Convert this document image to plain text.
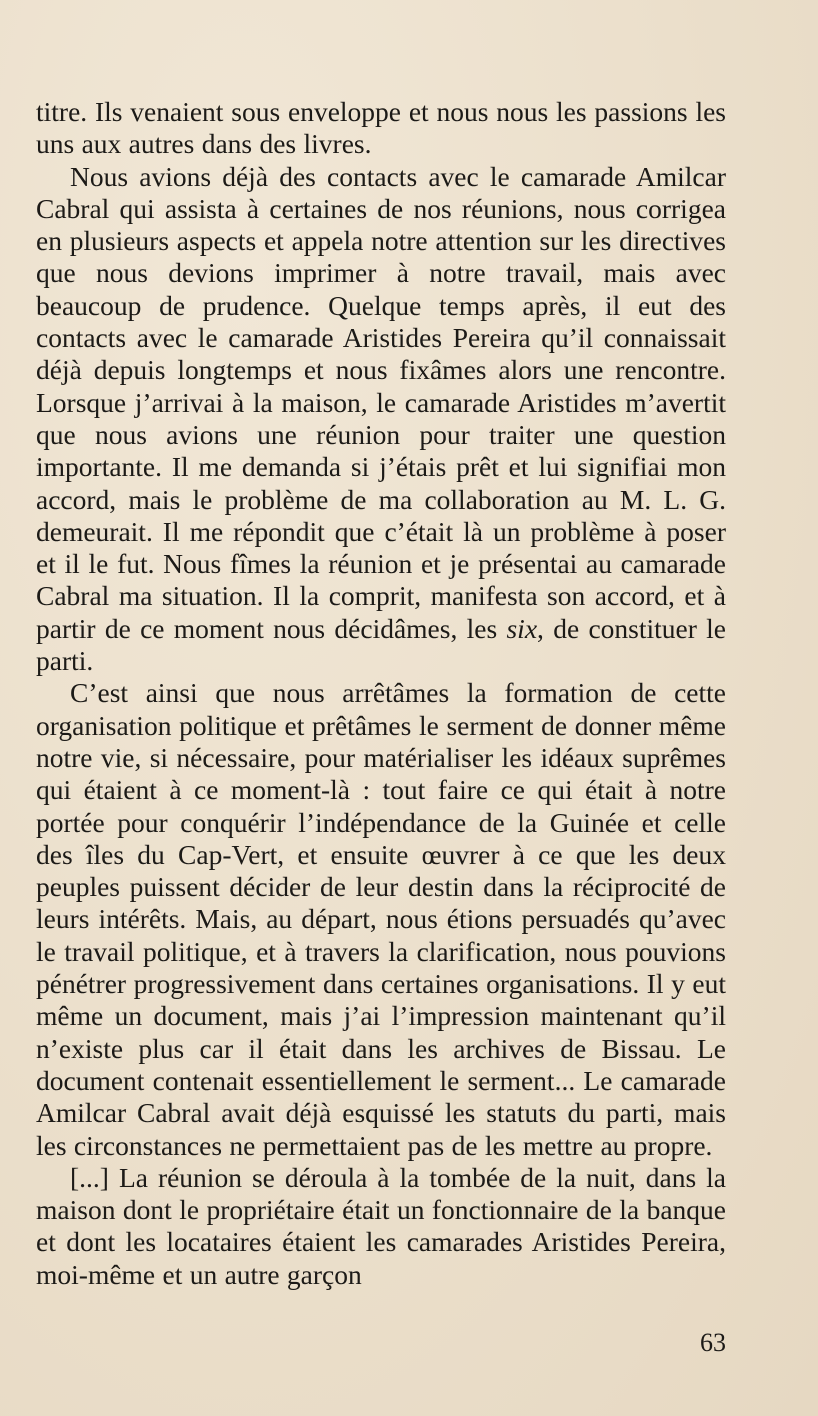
titre. Ils venaient sous enveloppe et nous nous les passions les uns aux autres dans des livres.

Nous avions déjà des contacts avec le camarade Amilcar Cabral qui assista à certaines de nos réunions, nous corrigea en plusieurs aspects et appela notre attention sur les directives que nous devions imprimer à notre travail, mais avec beaucoup de prudence. Quelque temps après, il eut des contacts avec le camarade Aristides Pereira qu’il connaissait déjà depuis longtemps et nous fixâmes alors une rencontre. Lorsque j’arrivai à la maison, le camarade Aristides m’avertit que nous avions une réunion pour traiter une question importante. Il me demanda si j’étais prêt et lui signifiai mon accord, mais le problème de ma collaboration au M. L. G. demeurait. Il me répondit que c’était là un problème à poser et il le fut. Nous fîmes la réunion et je présentai au camarade Cabral ma situation. Il la comprit, manifesta son accord, et à partir de ce moment nous décidâmes, les six, de constituer le parti.

C’est ainsi que nous arrêtâmes la formation de cette organisation politique et prêtâmes le serment de donner même notre vie, si nécessaire, pour matérialiser les idéaux suprêmes qui étaient à ce moment-là : tout faire ce qui était à notre portée pour conquérir l’indépendance de la Guinée et celle des îles du Cap-Vert, et ensuite œuvrer à ce que les deux peuples puissent décider de leur destin dans la réciprocité de leurs intérêts. Mais, au départ, nous étions persuadés qu’avec le travail politique, et à travers la clarification, nous pouvions pénétrer progressivement dans certaines organisations. Il y eut même un document, mais j’ai l’impression maintenant qu’il n’existe plus car il était dans les archives de Bissau. Le document contenait essentiellement le serment... Le camarade Amilcar Cabral avait déjà esquissé les statuts du parti, mais les circonstances ne permettaient pas de les mettre au propre.

[...] La réunion se déroula à la tombée de la nuit, dans la maison dont le propriétaire était un fonctionnaire de la banque et dont les locataires étaient les camarades Aristides Pereira, moi-même et un autre garçon

63
